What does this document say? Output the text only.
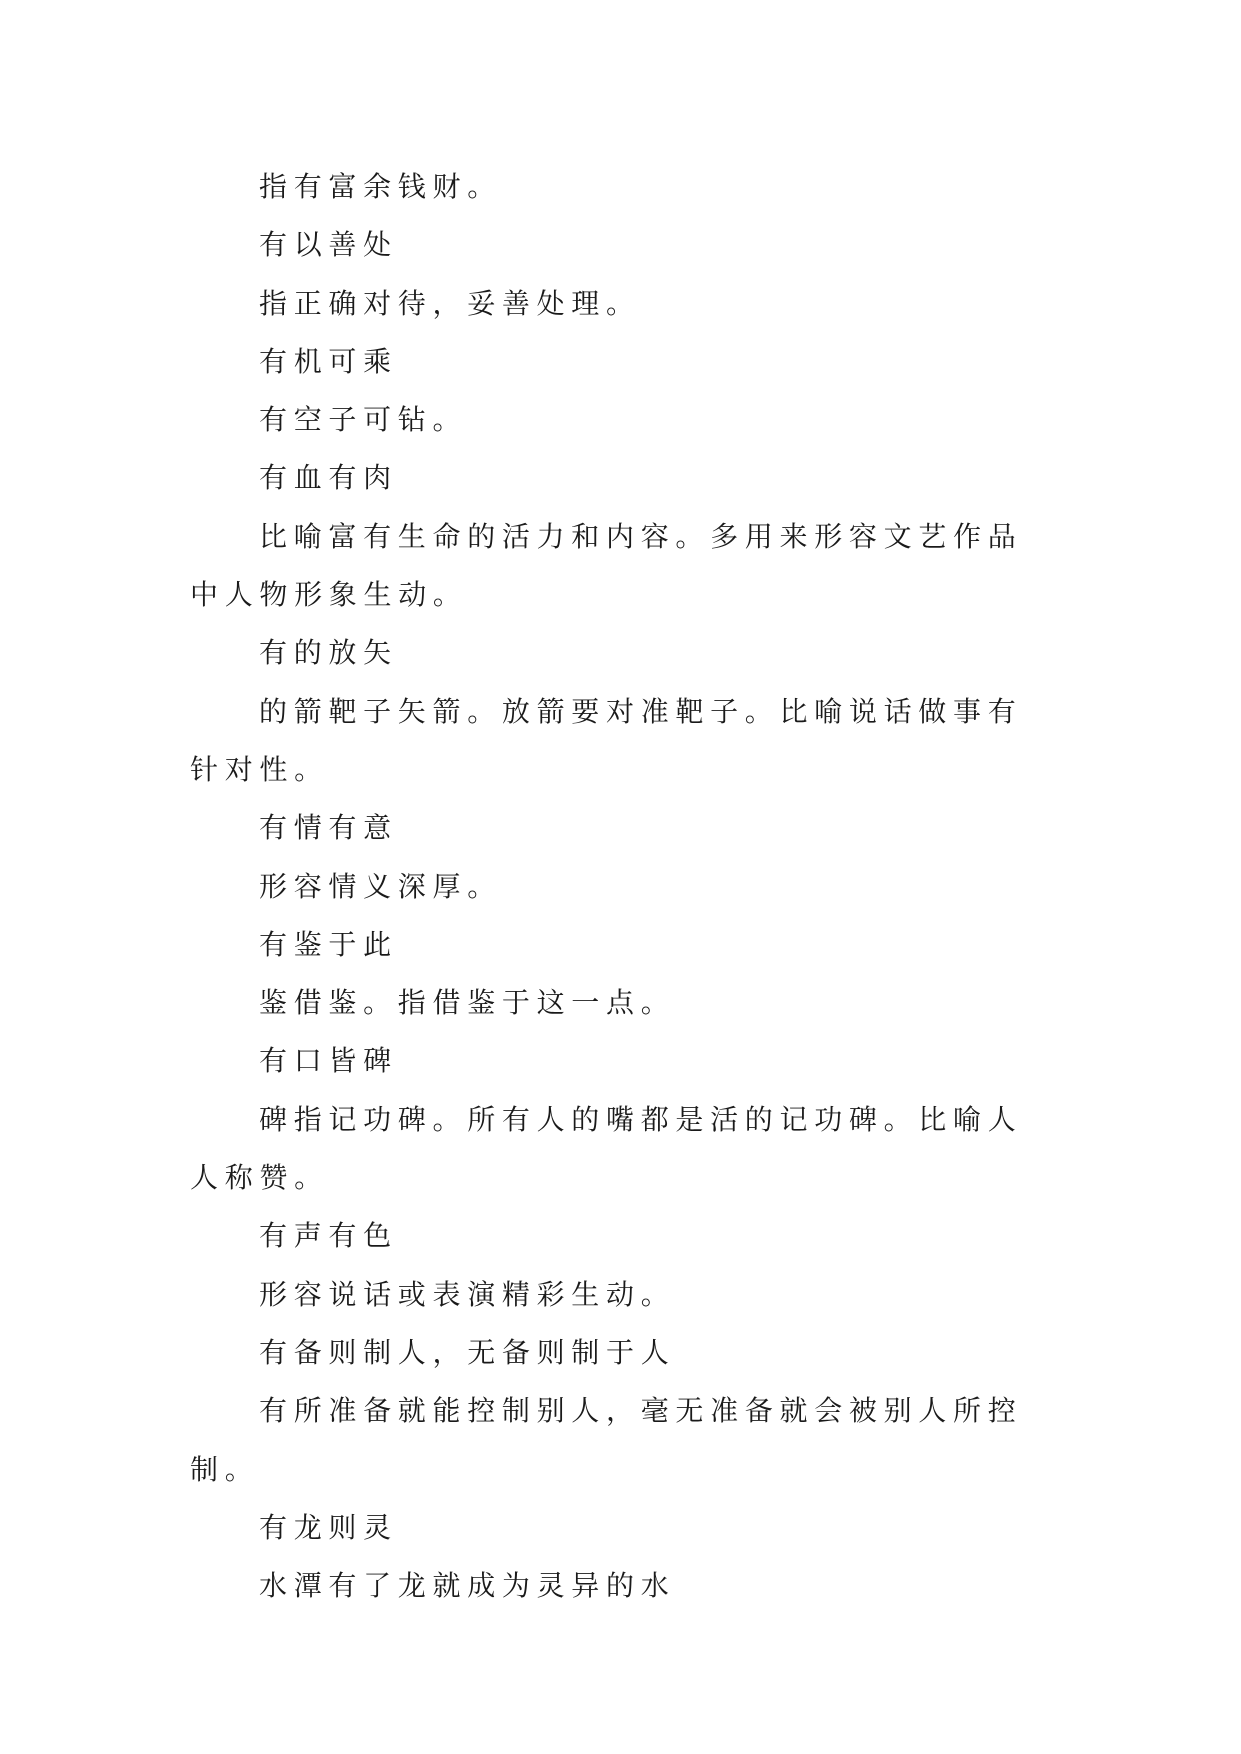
指有富余钱财。

有以善处

指正确对待，妥善处理。

有机可乘

有空子可钻。

有血有肉

比喻富有生命的活力和内容。多用来形容文艺作品中人物形象生动。

有的放矢

的箭靶子矢箭。放箭要对准靶子。比喻说话做事有针对性。

有情有意

形容情义深厚。

有鉴于此

鉴借鉴。指借鉴于这一点。

有口皆碑

碑指记功碑。所有人的嘴都是活的记功碑。比喻人人称赞。

有声有色

形容说话或表演精彩生动。

有备则制人，无备则制于人

有所准备就能控制别人，毫无准备就会被别人所控制。

有龙则灵

水潭有了龙就成为灵异的水
